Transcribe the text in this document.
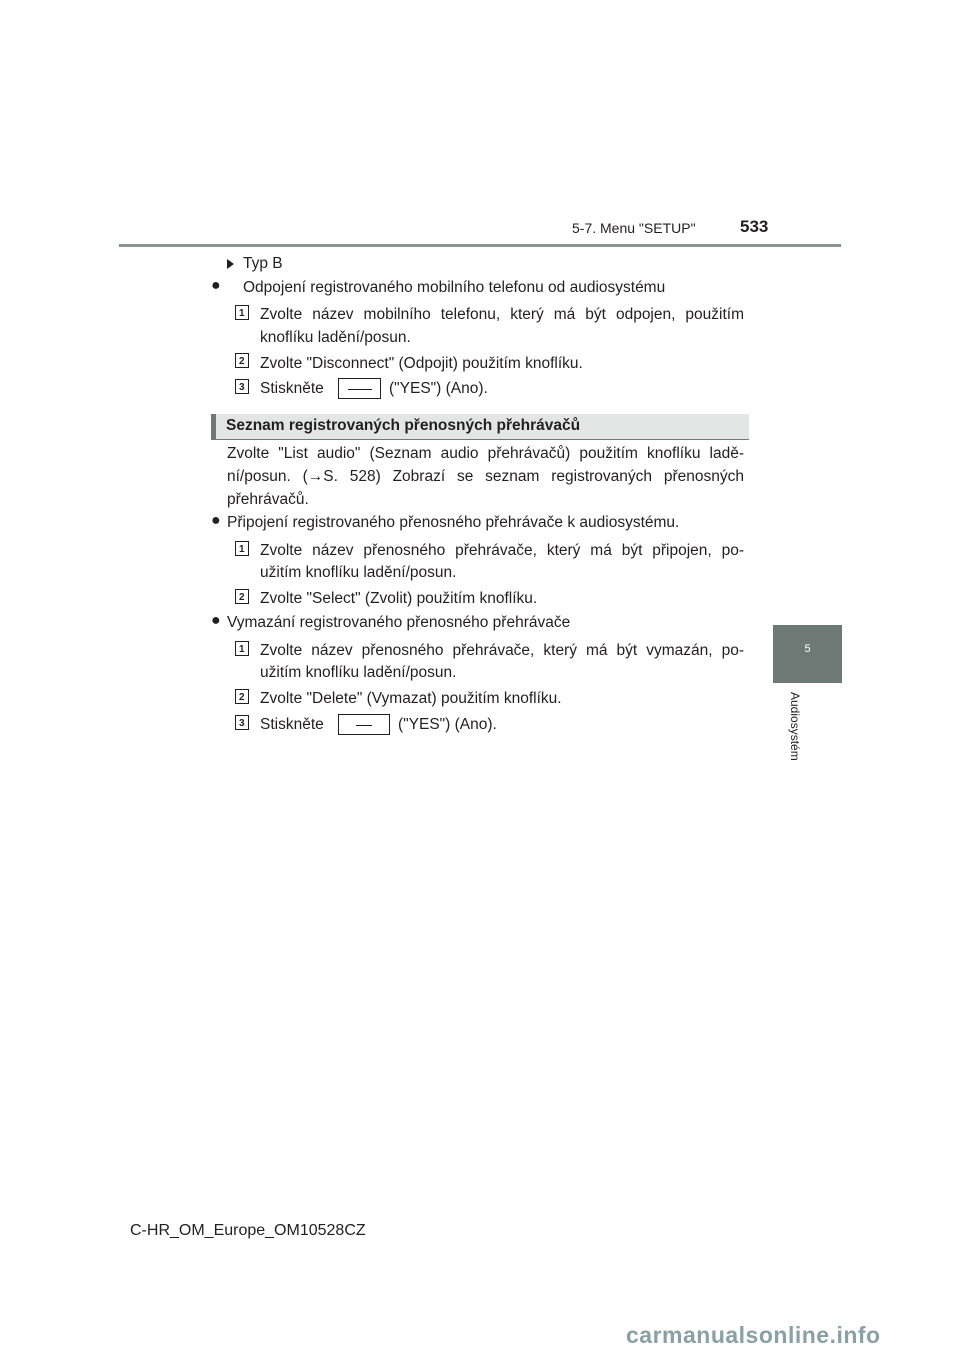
5-7. Menu "SETUP"	533
5
Audiosystém
Typ B
● Odpojení registrovaného mobilního telefonu od audiosystému
1 Zvolte název mobilního telefonu, který má být odpojen, použitím
knoflíku ladění/posun.
2 Zvolte "Disconnect" (Odpojit) použitím knoflíku.
3 Stiskněte	("YES") (Ano).
Seznam registrovaných přenosných přehrávačů
Zvolte "List audio" (Seznam audio přehrávačů) použitím knoflíku ladě-
ní/posun. (→S. 528) Zobrazí se seznam registrovaných přenosných
přehrávačů.
● Připojení registrovaného přenosného přehrávače k audiosystému.
1 Zvolte název přenosného přehrávače, který má být připojen, po-
užitím knoflíku ladění/posun.
2 Zvolte "Select" (Zvolit) použitím knoflíku.
● Vymazání registrovaného přenosného přehrávače
1 Zvolte název přenosného přehrávače, který má být vymazán, po-
užitím knoflíku ladění/posun.
2 Zvolte "Delete" (Vymazat) použitím knoflíku.
3 Stiskněte	("YES") (Ano).
C-HR_OM_Europe_OM10528CZ
carmanualsonline.info
